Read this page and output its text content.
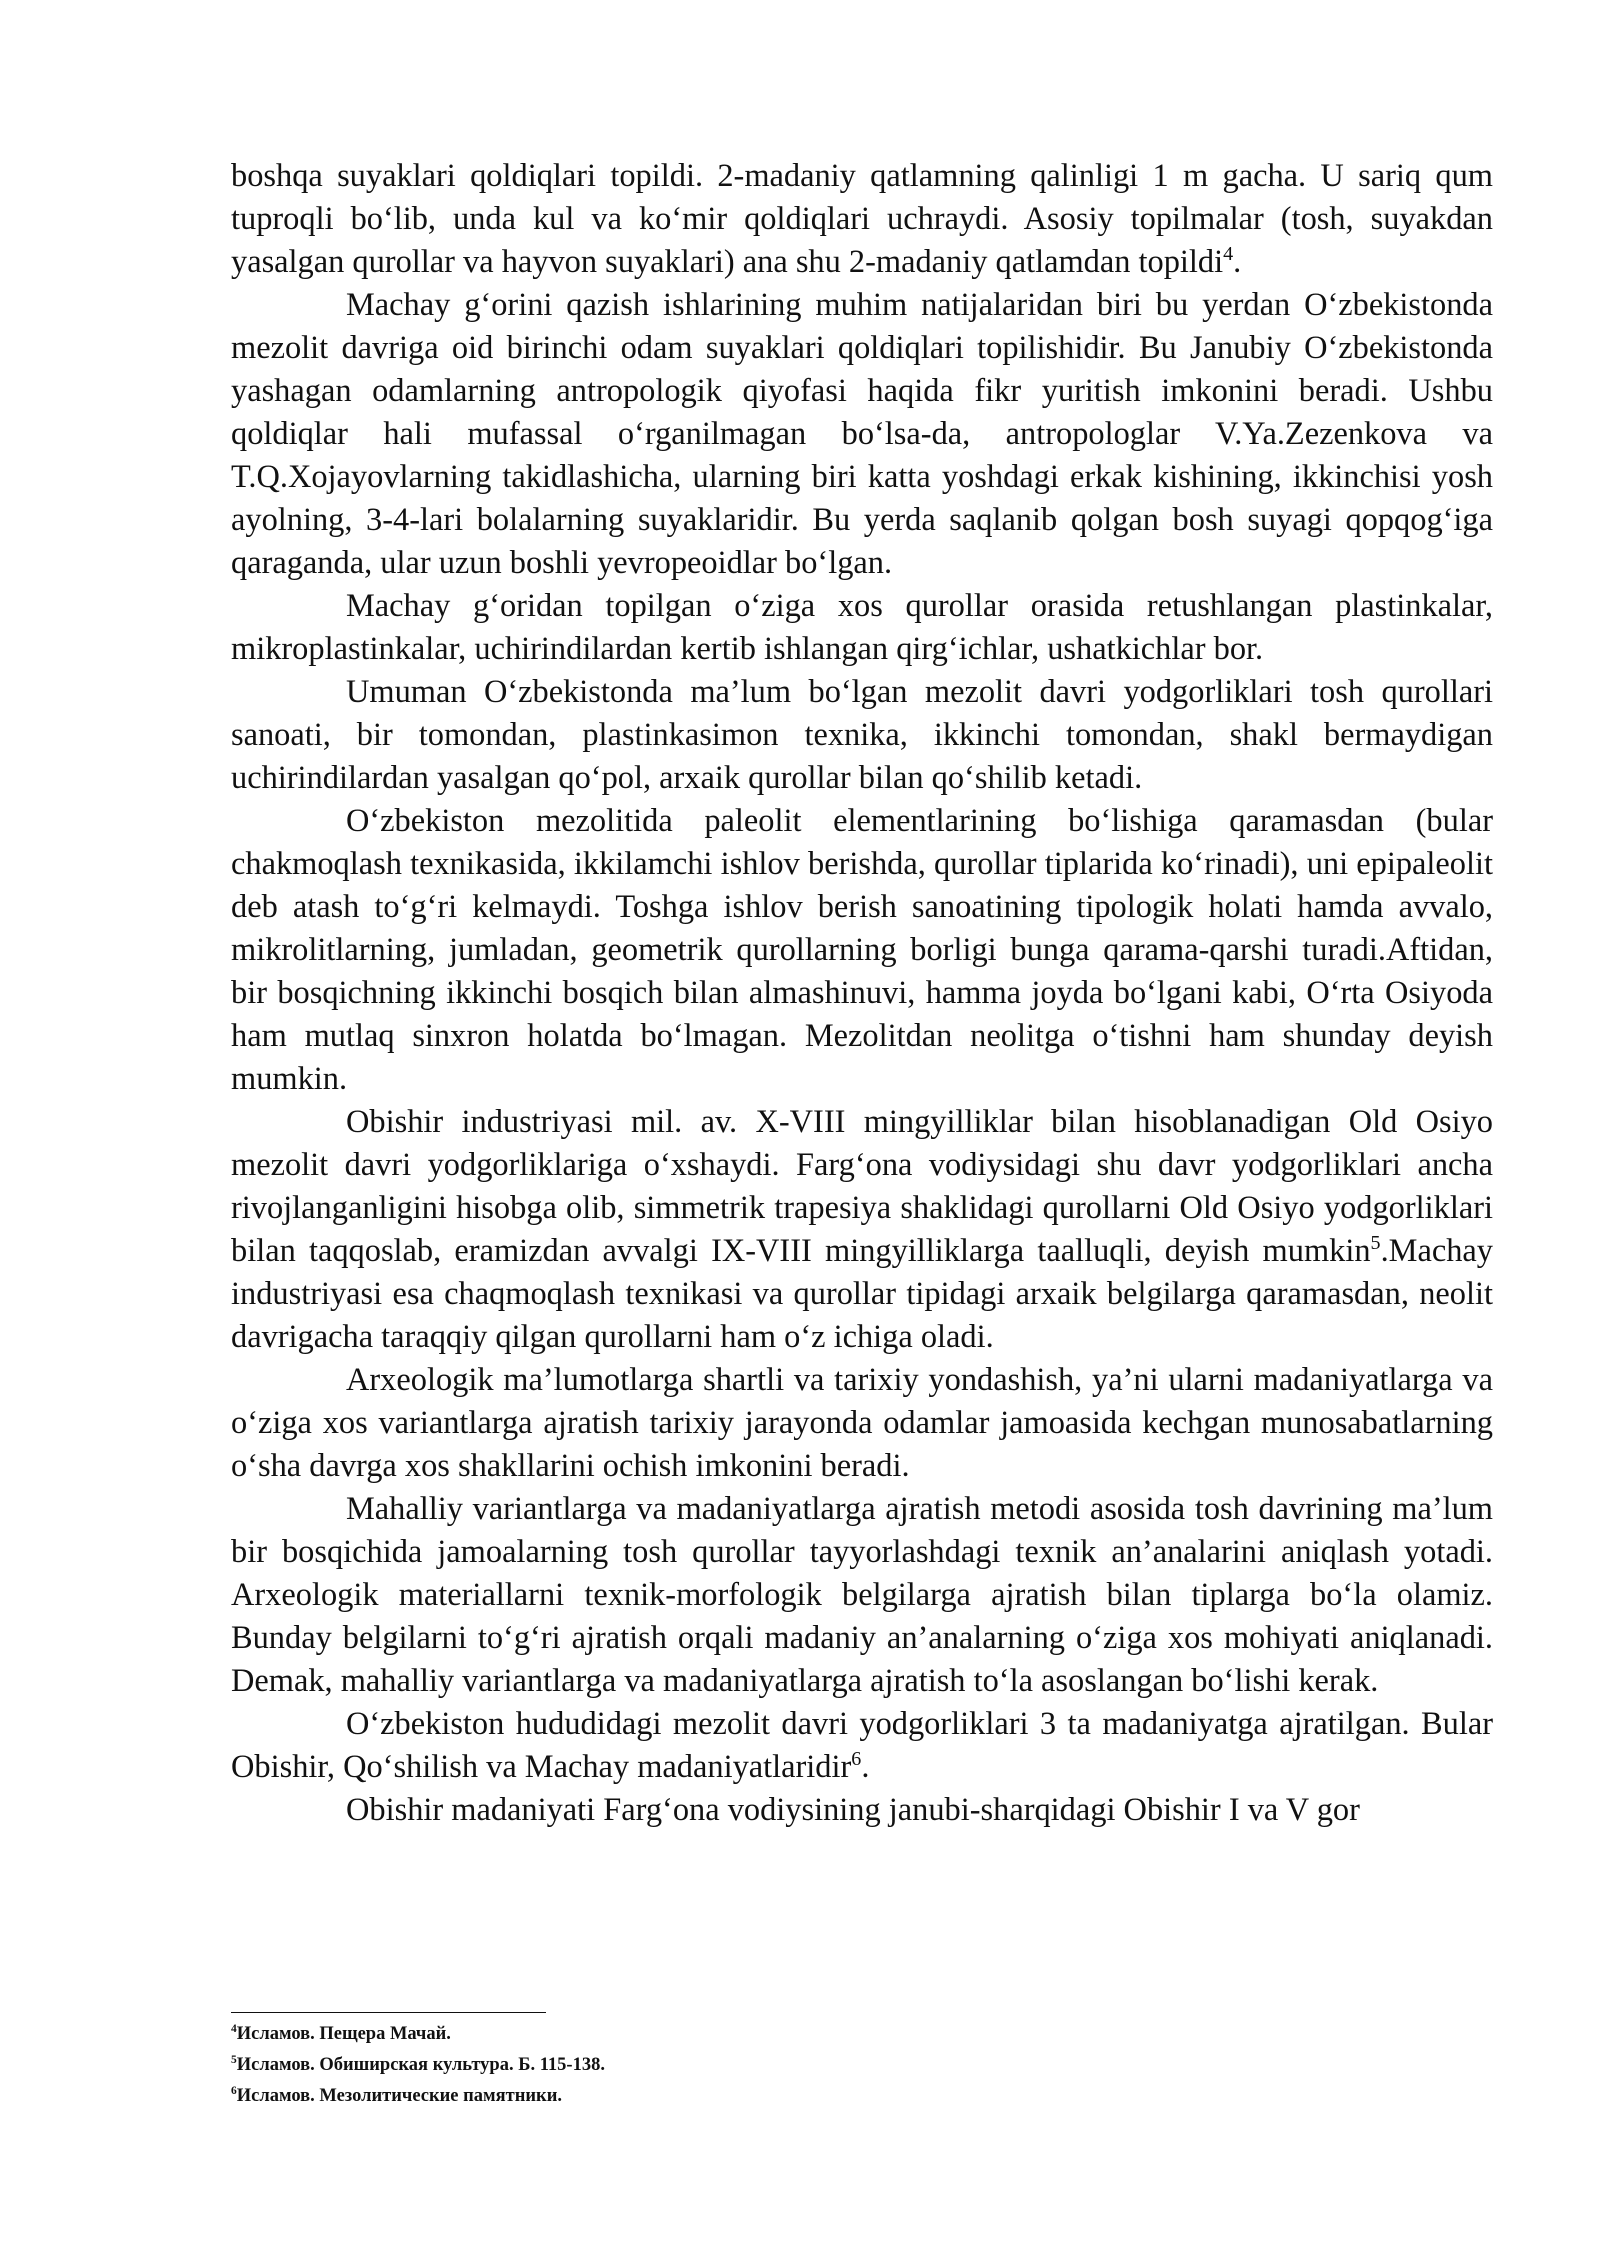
boshqa suyaklari qoldiqlari topildi. 2-madaniy qatlamning qalinligi 1 m gacha. U sariq qum tuproqli bo‘lib, unda kul va ko‘mir qoldiqlari uchraydi. Asosiy topilmalar (tosh, suyakdan yasalgan qurollar va hayvon suyaklari) ana shu 2-madaniy qatlamdan topildi$^4$.

Machay g‘orini qazish ishlarining muhim natijalaridan biri bu yerdan O‘zbekistonda mezolit davriga oid birinchi odam suyaklari qoldiqlari topilishidir. Bu Janubiy O‘zbekistonda yashagan odamlarning antropologik qiyofasi haqida fikr yuritish imkonini beradi. Ushbu qoldiqlar hali mufassal o‘rganilmagan bo‘lsa-da, antropologlar V.Ya.Zezenkova va T.Q.Xojayovlarning takidlashicha, ularning biri katta yoshdagi erkak kishining, ikkinchisi yosh ayolning, 3-4-lari bolalarning suyaklaridir. Bu yerda saqlanib qolgan bosh suyagi qopqog‘iga qaraganda, ular uzun boshli yevropeoidlar bo‘lgan.

Machay g‘oridan topilgan o‘ziga xos qurollar orasida retushlangan plastinkalar, mikroplastinkalar, uchirindilardan kertib ishlangan qirg‘ichlar, ushatkichlar bor.

Umuman O‘zbekistonda ma’lum bo‘lgan mezolit davri yodgorliklari tosh qurollari sanoati, bir tomondan, plastinkasimon texnika, ikkinchi tomondan, shakl bermaydigan uchirindilardan yasalgan qo‘pol, arxaik qurollar bilan qo‘shilib ketadi.

O‘zbekiston mezolitida paleolit elementlarining bo‘lishiga qaramasdan (bular chakmoqlash texnikasida, ikkilamchi ishlov berishda, qurollar tiplarida ko‘rinadi), uni epipaleolit deb atash to‘g‘ri kelmaydi. Toshga ishlov berish sanoatining tipologik holati hamda avvalo, mikrolitlarning, jumladan, geometrik qurollarning borligi bunga qarama-qarshi turadi.Aftidan, bir bosqichning ikkinchi bosqich bilan almashinuvi, hamma joyda bo‘lgani kabi, O‘rta Osiyoda ham mutlaq sinxron holatda bo‘lmagan. Mezolitdan neolitga o‘tishni ham shunday deyish mumkin.

Obishir industriyasi mil. av. X-VIII mingyilliklar bilan hisoblanadigan Old Osiyo mezolit davri yodgorliklariga o‘xshaydi. Farg‘ona vodiysidagi shu davr yodgorliklari ancha rivojlanganligini hisobga olib, simmetrik trapesiya shaklidagi qurollarni Old Osiyo yodgorliklari bilan taqqoslab, eramizdan avvalgi IX-VIII mingyilliklarga taalluqli, deyish mumkin$^5$.Machay industriyasi esa chaqmoqlash texnikasi va qurollar tipidagi arxaik belgilarga qaramasdan, neolit davrigacha taraqqiy qilgan qurollarni ham o‘z ichiga oladi.

Arxeologik ma’lumotlarga shartli va tarixiy yondashish, ya’ni ularni madaniyatlarga va o‘ziga xos variantlarga ajratish tarixiy jarayonda odamlar jamoasida kechgan munosabatlarning o‘sha davrga xos shakllarini ochish imkonini beradi.

Mahalliy variantlarga va madaniyatlarga ajratish metodi asosida tosh davrining ma’lum bir bosqichida jamoalarning tosh qurollar tayyorlashdagi texnik an’analarini aniqlash yotadi. Arxeologik materiallarni texnik-morfologik belgilarga ajratish bilan tiplarga bo‘la olamiz. Bunday belgilarni to‘g‘ri ajratish orqali madaniy an’analarning o‘ziga xos mohiyati aniqlanadi. Demak, mahalliy variantlarga va madaniyatlarga ajratish to‘la asoslangan bo‘lishi kerak.

O‘zbekiston hududidagi mezolit davri yodgorliklari 3 ta madaniyatga ajratilgan. Bular Obishir, Qo‘shilish va Machay madaniyatlaridir$^6$.

Obishir madaniyati Farg‘ona vodiysining janubi-sharqidagi Obishir I va V gor

$^4$Исламов. Пещера Мачай.

$^5$Исламов. Обиширская культура. Б. 115-138.

$^6$Исламов. Мезолитические памятники.
